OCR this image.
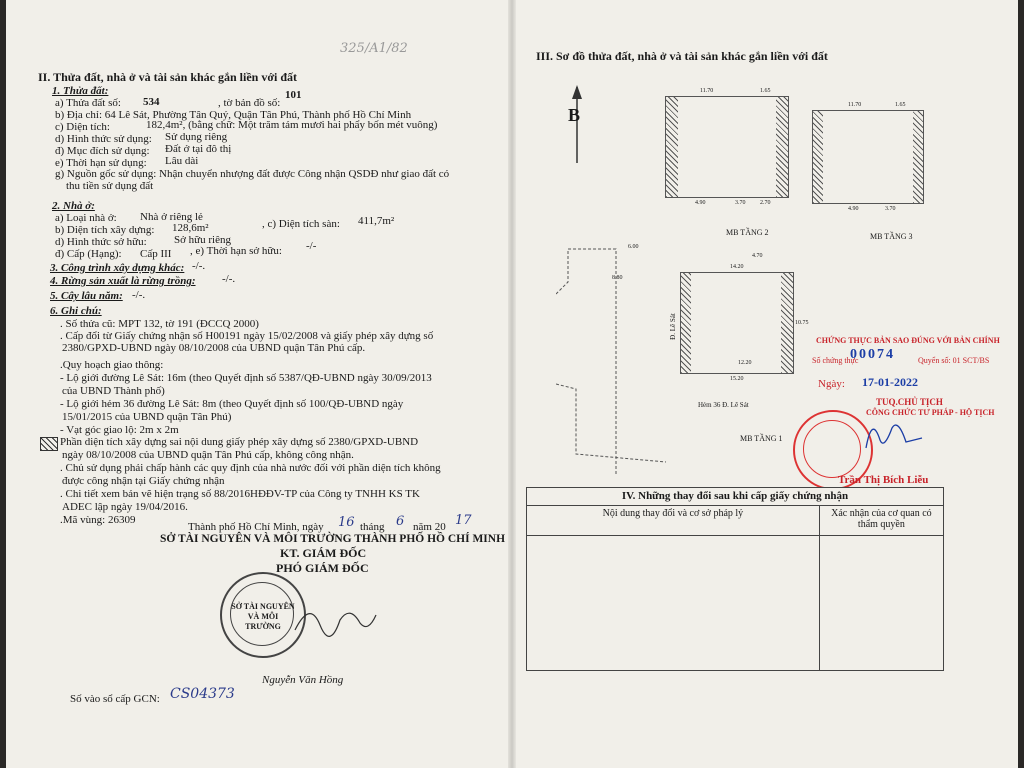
325/A1/82
II. Thửa đất, nhà ở và tài sản khác gắn liền với đất
1. Thửa đất:
a) Thửa đất số: 534	, tờ bản đồ số:
101
b) Địa chỉ: 64 Lê Sát, Phường Tân Quý, Quận Tân Phú, Thành phố Hồ Chí Minh
c) Diện tích:	182,4m², (bằng chữ: Một trăm tám mươi hai phẩy bốn mét vuông)
d) Hình thức sử dụng: Sử dụng riêng
đ) Mục đích sử dụng: Đất ở tại đô thị
e) Thời hạn sử dụng: Lâu dài
g) Nguồn gốc sử dụng: Nhận chuyển nhượng đất được Công nhận QSDĐ như giao đất có
thu tiền sử dụng đất
2. Nhà ở:
a) Loại nhà ở: Nhà ở riêng lẻ
b) Diện tích xây dựng: 128,6m²	, c) Diện tích sàn: 411,7m²
d) Hình thức sở hữu: Sở hữu riêng
đ) Cấp (Hạng): Cấp III , e) Thời hạn sở hữu: -/-
3. Công trình xây dựng khác: -/-.
4. Rừng sản xuất là rừng trồng: -/-.
5. Cây lâu năm: -/-.
6. Ghi chú:
. Số thửa cũ: MPT 132, tờ 191 (ĐCCQ 2000)
. Cấp đổi từ Giấy chứng nhận số H00191 ngày 15/02/2008 và giấy phép xây dựng số
2380/GPXD-UBND ngày 08/10/2008 của UBND quận Tân Phú cấp.
.Quy hoạch giao thông:
- Lộ giới đường Lê Sát: 16m (theo Quyết định số 5387/QĐ-UBND ngày 30/09/2013
của UBND Thành phố)
- Lộ giới hẻm 36 đường Lê Sát: 8m (theo Quyết định số 100/QĐ-UBND ngày
15/01/2015 của UBND quận Tân Phú)
- Vạt góc giao lộ: 2m x 2m
Phần diện tích xây dựng sai nội dung giấy phép xây dựng số 2380/GPXD-UBND
ngày 08/10/2008 của UBND quận Tân Phú cấp, không công nhận.
. Chủ sử dụng phải chấp hành các quy định của nhà nước đối với phần diện tích không
được công nhận tại Giấy chứng nhận
. Chi tiết xem bản vẽ hiện trạng số 88/2016HĐĐV-TP của Công ty TNHH KS TK
ADEC lập ngày 19/04/2016.
.Mã vùng: 26309
Thành phố Hồ Chí Minh, ngày 16 tháng 6 năm 20 17
SỞ TÀI NGUYÊN VÀ MÔI TRƯỜNG THÀNH PHỐ HỒ CHÍ MINH
KT. GIÁM ĐỐC
PHÓ GIÁM ĐỐC
SỞ TÀI NGUYÊN VÀ MÔI TRƯỜNG
Nguyễn Văn Hồng
Số vào sổ cấp GCN: CS04373
III. Sơ đồ thửa đất, nhà ở và tài sản khác gắn liền với đất
B
11.70	1.65
4.90	3.70 2.70
MB TẦNG 2
11.70	1.65
4.90	3.70
MB TẦNG 3
14.20
12.20
15.20
10.75
8.80
6.00
4.70
Hẻm 36 Đ. Lê Sát
Đ. Lê Sát
MB TẦNG 1
CHỨNG THỰC BẢN SAO ĐÚNG VỚI BẢN CHÍNH
Số chứng thực
00074	Quyển số: 01 SCT/BS
Ngày: 17-01-2022
TUQ.CHỦ TỊCH
CÔNG CHỨC TƯ PHÁP - HỘ TỊCH
Trần Thị Bích Liễu
IV. Những thay đổi sau khi cấp giấy chứng nhận	
Nội dung thay đổi và cơ sở pháp lý	Xác nhận của cơ quan có thẩm quyền
